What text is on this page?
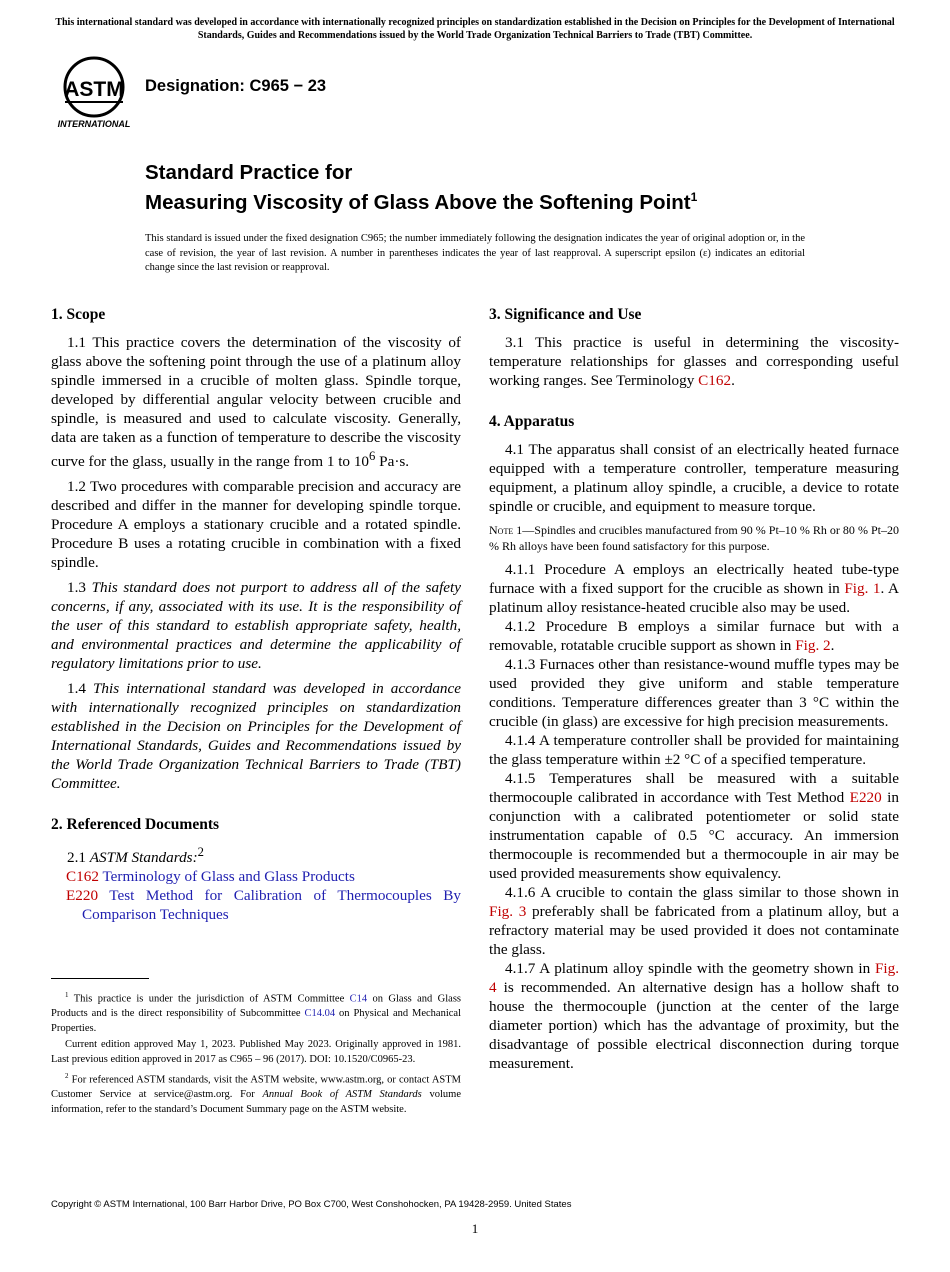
This international standard was developed in accordance with internationally recognized principles on standardization established in the Decision on Principles for the Development of International Standards, Guides and Recommendations issued by the World Trade Organization Technical Barriers to Trade (TBT) Committee.
ASTM
INTERNATIONAL
Designation: C965 − 23
Standard Practice for
Measuring Viscosity of Glass Above the Softening Point$^1$
This standard is issued under the fixed designation C965; the number immediately following the designation indicates the year of original adoption or, in the case of revision, the year of last revision. A number in parentheses indicates the year of last reapproval. A superscript epsilon (ε) indicates an editorial change since the last revision or reapproval.
1. Scope

1.1 This practice covers the determination of the viscosity of glass above the softening point through the use of a platinum alloy spindle immersed in a crucible of molten glass. Spindle torque, developed by differential angular velocity between crucible and spindle, is measured and used to calculate viscosity. Generally, data are taken as a function of temperature to describe the viscosity curve for the glass, usually in the range from 1 to $10^6$ Pa·s.

1.2 Two procedures with comparable precision and accuracy are described and differ in the manner for developing spindle torque. Procedure A employs a stationary crucible and a rotated spindle. Procedure B uses a rotating crucible in combination with a fixed spindle.

1.3 This standard does not purport to address all of the safety concerns, if any, associated with its use. It is the responsibility of the user of this standard to establish appropriate safety, health, and environmental practices and determine the applicability of regulatory limitations prior to use.

1.4 This international standard was developed in accordance with internationally recognized principles on standardization established in the Decision on Principles for the Development of International Standards, Guides and Recommendations issued by the World Trade Organization Technical Barriers to Trade (TBT) Committee.

2. Referenced Documents

2.1 ASTM Standards:$^2$

C162 Terminology of Glass and Glass Products
E220 Test Method for Calibration of Thermocouples By Comparison Techniques

$^1$ This practice is under the jurisdiction of ASTM Committee C14 on Glass and Glass Products and is the direct responsibility of Subcommittee C14.04 on Physical and Mechanical Properties.

Current edition approved May 1, 2023. Published May 2023. Originally approved in 1981. Last previous edition approved in 2017 as C965 – 96 (2017). DOI: 10.1520/C0965-23.

$^2$ For referenced ASTM standards, visit the ASTM website, www.astm.org, or contact ASTM Customer Service at service@astm.org. For Annual Book of ASTM Standards volume information, refer to the standard’s Document Summary page on the ASTM website.

3. Significance and Use

3.1 This practice is useful in determining the viscosity-temperature relationships for glasses and corresponding useful working ranges. See Terminology C162.

4. Apparatus

4.1 The apparatus shall consist of an electrically heated furnace equipped with a temperature controller, temperature measuring equipment, a platinum alloy spindle, a crucible, a device to rotate spindle or crucible, and equipment to measure torque.

Note 1—Spindles and crucibles manufactured from 90 % Pt–10 % Rh or 80 % Pt–20 % Rh alloys have been found satisfactory for this purpose.

4.1.1 Procedure A employs an electrically heated tube-type furnace with a fixed support for the crucible as shown in Fig. 1. A platinum alloy resistance-heated crucible also may be used.

4.1.2 Procedure B employs a similar furnace but with a removable, rotatable crucible support as shown in Fig. 2.

4.1.3 Furnaces other than resistance-wound muffle types may be used provided they give uniform and stable temperature conditions. Temperature differences greater than 3 °C within the crucible (in glass) are excessive for high precision measurements.

4.1.4 A temperature controller shall be provided for maintaining the glass temperature within ±2 °C of a specified temperature.

4.1.5 Temperatures shall be measured with a suitable thermocouple calibrated in accordance with Test Method E220 in conjunction with a calibrated potentiometer or solid state instrumentation capable of 0.5 °C accuracy. An immersion thermocouple is recommended but a thermocouple in air may be used provided measurements show equivalency.

4.1.6 A crucible to contain the glass similar to those shown in Fig. 3 preferably shall be fabricated from a platinum alloy, but a refractory material may be used provided it does not contaminate the glass.

4.1.7 A platinum alloy spindle with the geometry shown in Fig. 4 is recommended. An alternative design has a hollow shaft to house the thermocouple (junction at the center of the large diameter portion) which has the advantage of proximity, but the disadvantage of possible electrical disconnection during torque measurement.

Copyright © ASTM International, 100 Barr Harbor Drive, PO Box C700, West Conshohocken, PA 19428-2959. United States
1
